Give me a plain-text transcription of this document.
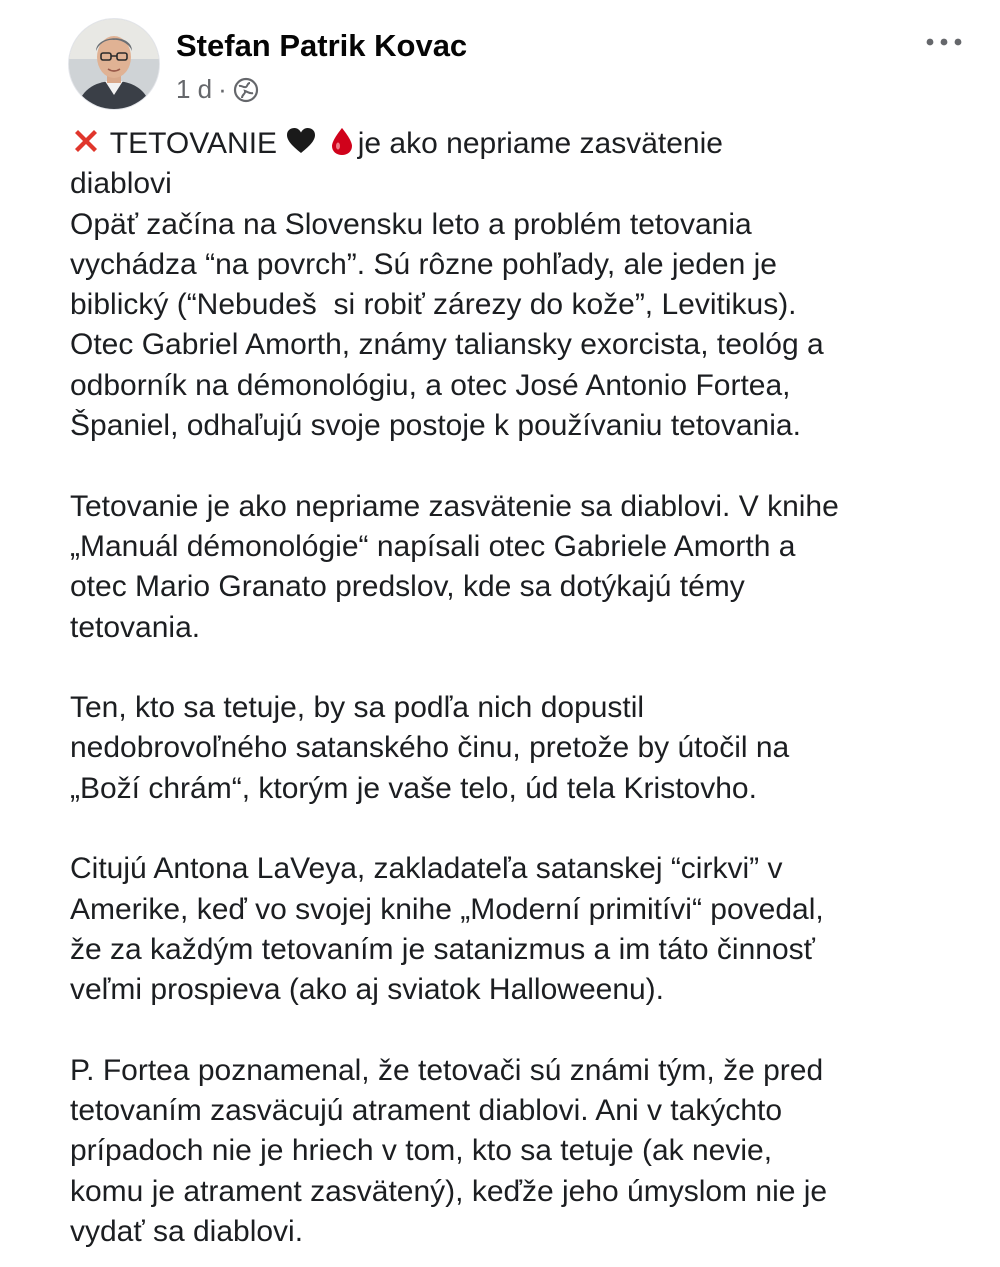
Stefan Patrik Kovac
1 d ·
TETOVANIE	je ako nepriame zasvätenie
diablovi
Opäť začína na Slovensku leto a problém tetovania
vychádza “na povrch”. Sú rôzne pohľady, ale jeden je
biblický (“Nebudeš  si robiť zárezy do kože”, Levitikus).
Otec Gabriel Amorth, známy taliansky exorcista, teológ a
odborník na démonológiu, a otec José Antonio Fortea,
Španiel, odhaľujú svoje postoje k používaniu tetovania.
Tetovanie je ako nepriame zasvätenie sa diablovi. V knihe
„Manuál démonológie“ napísali otec Gabriele Amorth a
otec Mario Granato predslov, kde sa dotýkajú témy
tetovania.
Ten, kto sa tetuje, by sa podľa nich dopustil
nedobrovoľného satanského činu, pretože by útočil na
„Boží chrám“, ktorým je vaše telo, úd tela Kristovho.
Citujú Antona LaVeya, zakladateľa satanskej “cirkvi” v
Amerike, keď vo svojej knihe „Moderní primitívi“ povedal,
že za každým tetovaním je satanizmus a im táto činnosť
veľmi prospieva (ako aj sviatok Halloweenu).
P. Fortea poznamenal, že tetovači sú známi tým, že pred
tetovaním zasväcujú atrament diablovi. Ani v takýchto
prípadoch nie je hriech v tom, kto sa tetuje (ak nevie,
komu je atrament zasvätený), keďže jeho úmyslom nie je
vydať sa diablovi.
